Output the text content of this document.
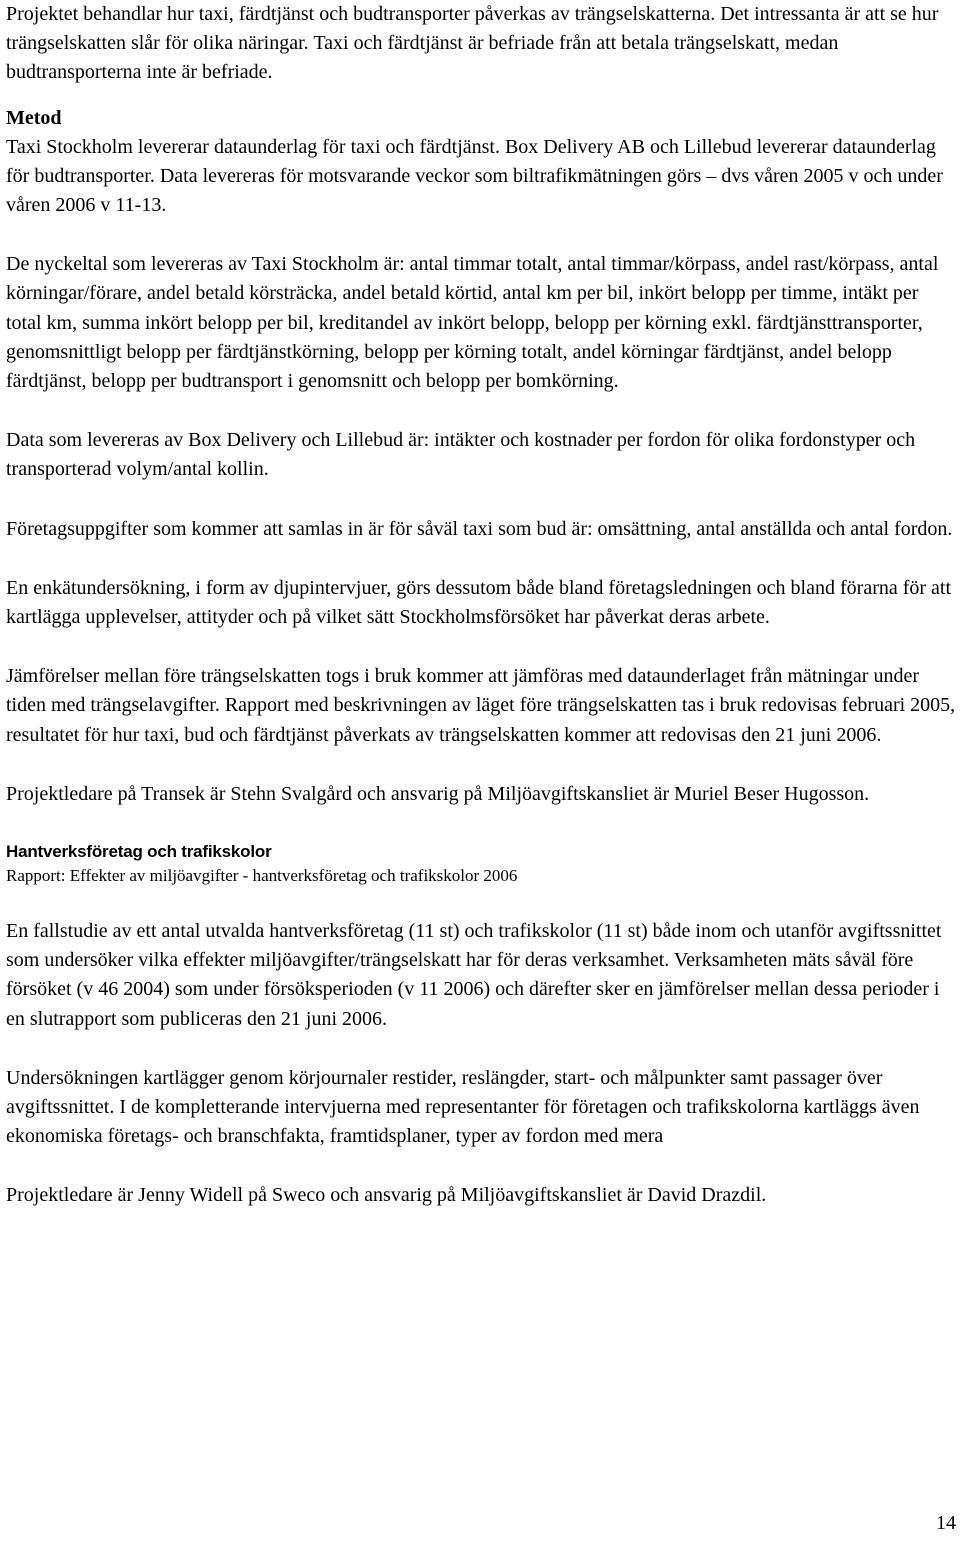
Projektet behandlar hur taxi, färdtjänst och budtransporter påverkas av trängselskatterna. Det intressanta är att se hur trängselskatten slår för olika näringar. Taxi och färdtjänst är befriade från att betala trängselskatt, medan budtransporterna inte är befriade.

Metod

Taxi Stockholm levererar dataunderlag för taxi och färdtjänst. Box Delivery AB och Lillebud levererar dataunderlag för budtransporter. Data levereras för motsvarande veckor som biltrafikmätningen görs – dvs våren 2005 v och under våren 2006 v 11-13.

De nyckeltal som levereras av Taxi Stockholm är: antal timmar totalt, antal timmar/körpass, andel rast/körpass, antal körningar/förare, andel betald körsträcka, andel betald körtid, antal km per bil, inkört belopp per timme, intäkt per total km, summa inkört belopp per bil, kreditandel av inkört belopp, belopp per körning exkl. färdtjänsttransporter, genomsnittligt belopp per färdtjänstkörning, belopp per körning totalt, andel körningar färdtjänst, andel belopp färdtjänst, belopp per budtransport i genomsnitt och belopp per bomkörning.

Data som levereras av Box Delivery och Lillebud är: intäkter och kostnader per fordon för olika fordonstyper och transporterad volym/antal kollin.

Företagsuppgifter som kommer att samlas in är för såväl taxi som bud är: omsättning, antal anställda och antal fordon.

En enkätundersökning, i form av djupintervjuer, görs dessutom både bland företagsledningen och bland förarna för att kartlägga upplevelser, attityder och på vilket sätt Stockholmsförsöket har påverkat deras arbete.

Jämförelser mellan före trängselskatten togs i bruk kommer att jämföras med dataunderlaget från mätningar under tiden med trängselavgifter. Rapport med beskrivningen av läget före trängselskatten tas i bruk redovisas februari 2005, resultatet för hur taxi, bud och färdtjänst påverkats av trängselskatten kommer att redovisas den 21 juni 2006.

Projektledare på Transek är Stehn Svalgård och ansvarig på Miljöavgiftskansliet är Muriel Beser Hugosson.

Hantverksföretag och trafikskolor

Rapport: Effekter av miljöavgifter - hantverksföretag och trafikskolor 2006

En fallstudie av ett antal utvalda hantverksföretag (11 st) och trafikskolor (11 st) både inom och utanför avgiftssnittet som undersöker vilka effekter miljöavgifter/trängselskatt har för deras verksamhet. Verksamheten mäts såväl före försöket (v 46 2004) som under försöksperioden (v 11 2006) och därefter sker en jämförelser mellan dessa perioder i en slutrapport som publiceras den 21 juni 2006.

Undersökningen kartlägger genom körjournaler restider, reslängder, start- och målpunkter samt passager över avgiftssnittet. I de kompletterande intervjuerna med representanter för företagen och trafikskolorna kartläggs även ekonomiska företags- och branschfakta, framtidsplaner, typer av fordon med mera

Projektledare är Jenny Widell på Sweco och ansvarig på Miljöavgiftskansliet är David Drazdil.

14
